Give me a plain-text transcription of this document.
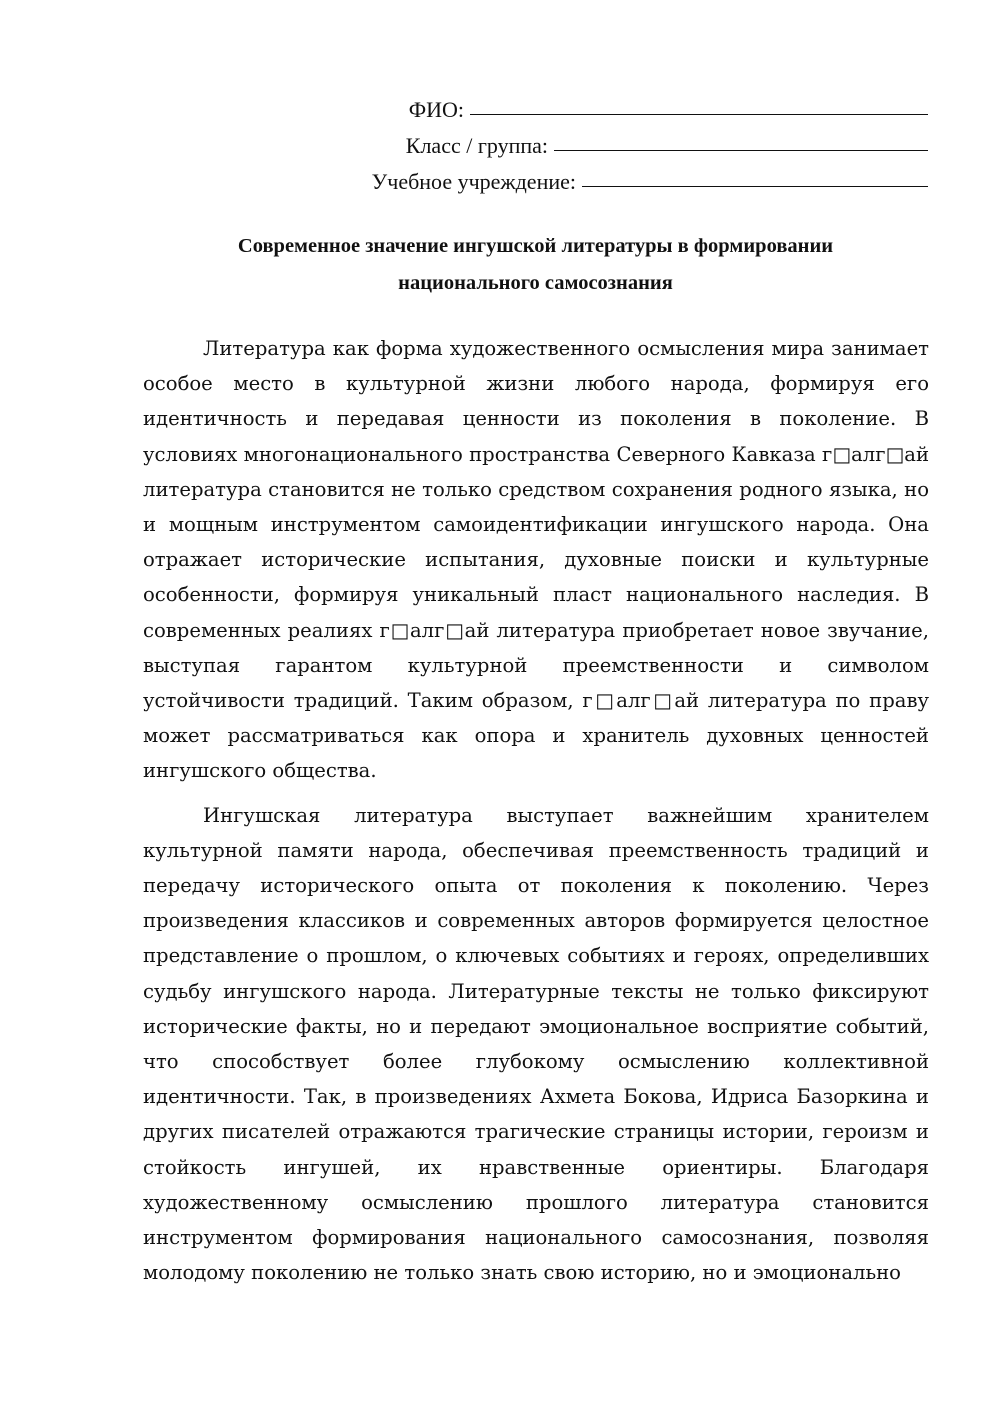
ФИО:
Класс / группа:
Учебное учреждение:
Современное значение ингушской литературы в формировании
национального самосознания

Литература как форма художественного осмысления мира занимает особое место в культурной жизни любого народа, формируя его идентичность и передавая ценности из поколения в поколение. В условиях многонационального пространства Северного Кавказа г□алг□ай литература становится не только средством сохранения родного языка, но и мощным инструментом самоидентификации ингушского народа. Она отражает исторические испытания, духовные поиски и культурные особенности, формируя уникальный пласт национального наследия. В современных реалиях г□алг□ай литература приобретает новое звучание, выступая гарантом культурной преемственности и символом устойчивости традиций. Таким образом, г□алг□ай литература по праву может рассматриваться как опора и хранитель духовных ценностей ингушского общества.

Ингушская литература выступает важнейшим хранителем культурной памяти народа, обеспечивая преемственность традиций и передачу исторического опыта от поколения к поколению. Через произведения классиков и современных авторов формируется целостное представление о прошлом, о ключевых событиях и героях, определивших судьбу ингушского народа. Литературные тексты не только фиксируют исторические факты, но и передают эмоциональное восприятие событий, что способствует более глубокому осмыслению коллективной идентичности. Так, в произведениях Ахмета Бокова, Идриса Базоркина и других писателей отражаются трагические страницы истории, героизм и стойкость ингушей, их нравственные ориентиры. Благодаря художественному осмыслению прошлого литература становится инструментом формирования национального самосознания, позволяя молодому поколению не только знать свою историю, но и эмоционально
